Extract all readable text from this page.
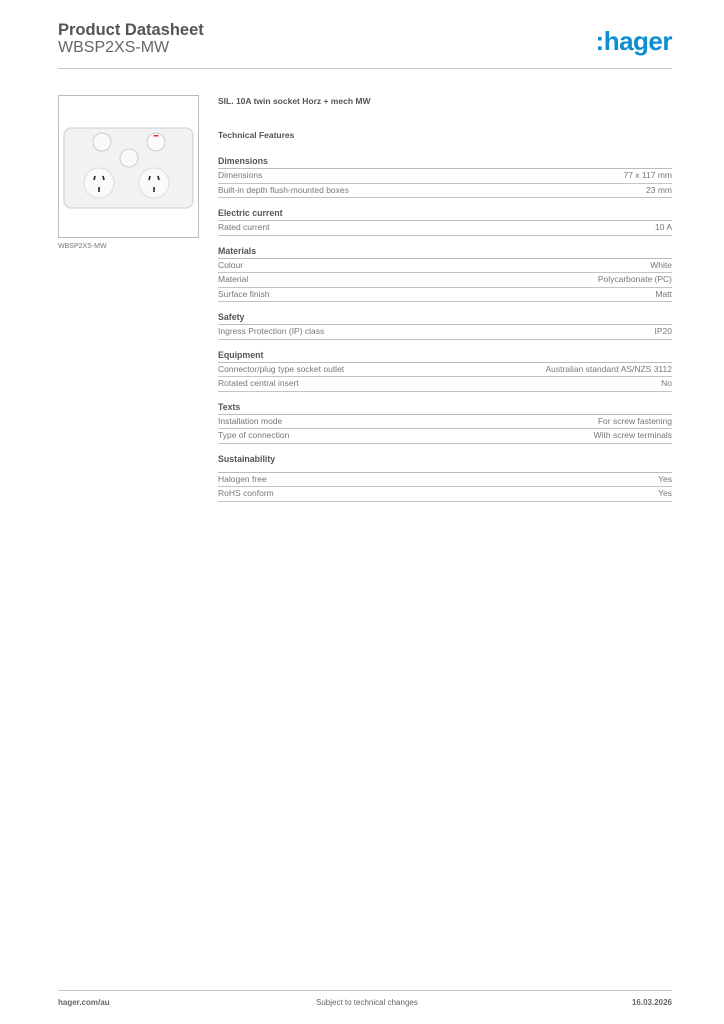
Product Datasheet
WBSP2XS-MW	:hager
WBSP2XS-MW
SIL. 10A twin socket Horz + mech MW
Technical Features
Dimensions
Dimensions	77 x 117 mm
Built-in depth flush-mounted boxes	23 mm
Electric current
Rated current	10 A
Materials
Colour	White
Material	Polycarbonate (PC)
Surface finish	Matt
Safety
Ingress Protection (IP) class	IP20
Equipment
Connector/plug type socket outlet	Australian standard AS/NZS 3112
Rotated central insert	No
Texts
Installation mode	For screw fastening
Type of connection	With screw terminals
Sustainability
Halogen free	Yes
RoHS conform	Yes
hager.com/au	Subject to technical changes	16.03.2026
